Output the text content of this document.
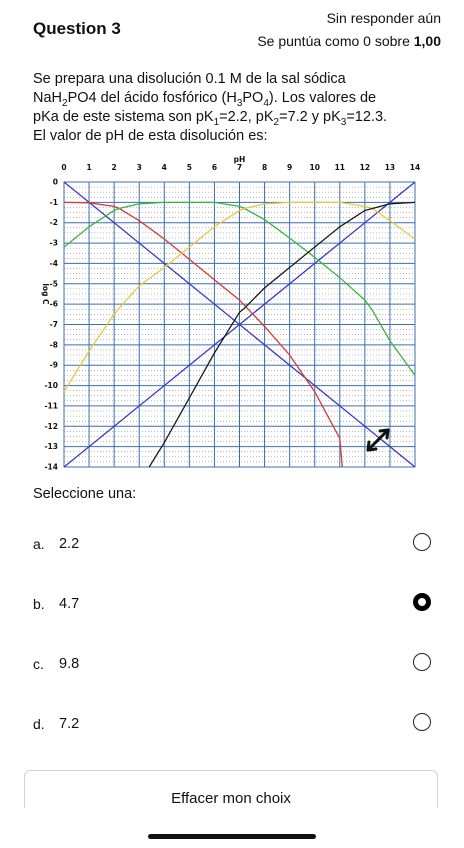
Question 3
Sin responder aún
Se puntúa como 0 sobre 1,00
Se prepara una disolución 0.1 M de la sal sódica
NaH$_2$PO4 del ácido fosfórico $(H_3PO_4)$. Los valores de
pKa de este sistema son $pK_1=2.2$, $pK_2=7.2$ y $pK_3=12.3$.
El valor de pH de esta disolución es:
0	1	2	3	4	5	6	7	8	9 10 11 12 13 14
0
-1
-2
-3
-4
-5
-6
-7
-8
-9
-10
-11
-12
-13
-14
pH
log C
Seleccione una:
a. 2.2
b. 4.7
c. 9.8
d. 7.2
Effacer mon choix
